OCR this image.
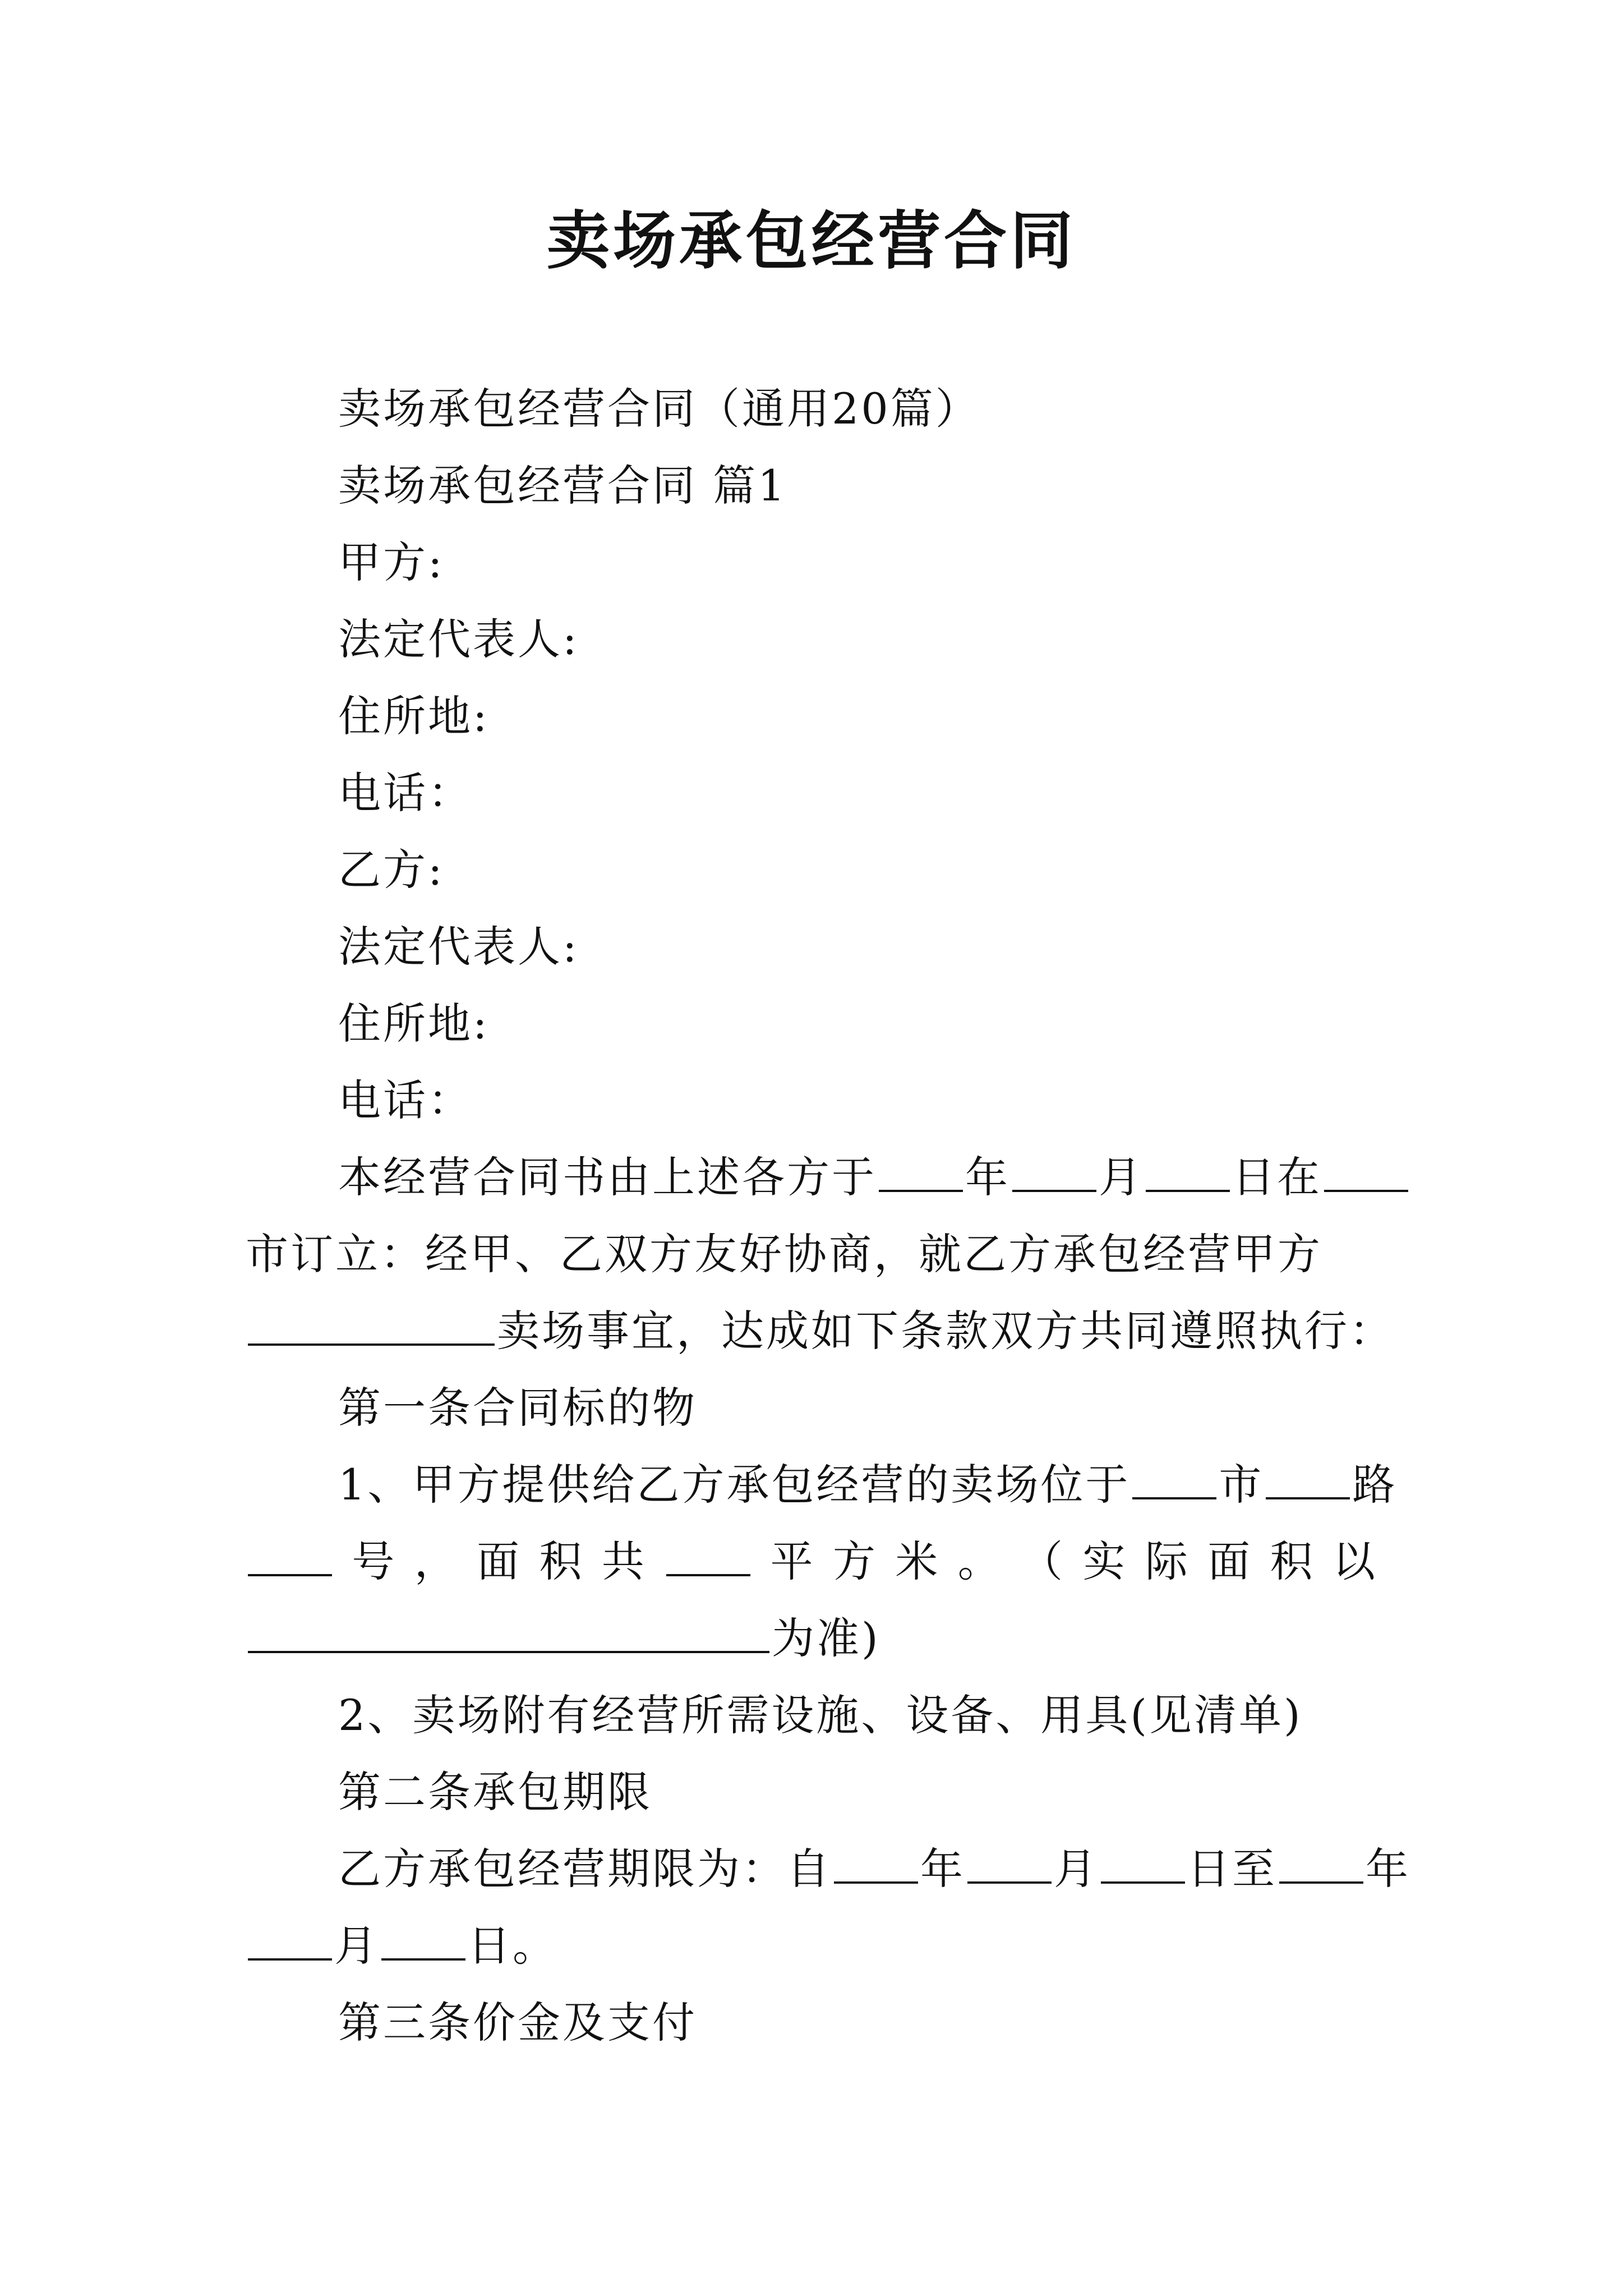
卖场承包经营合同
卖场承包经营合同（通用20篇）
卖场承包经营合同 篇1
甲方:
法定代表人:
住所地:
电话：
乙方:
法定代表人:
住所地:
电话：
本经营合同书由上述各方于 年 月 日在
市订立：经甲、乙双方友好协商，就乙方承包经营甲方
卖场事宜，达成如下条款双方共同遵照执行：
第一条合同标的物
1、甲方提供给乙方承包经营的卖场位于 市 路
号 ， 面 积 共	平 方 米 。 （ 实 际 面 积 以
为准)
2、卖场附有经营所需设施、设备、用具(见清单)
第二条承包期限
乙方承包经营期限为：自 年 月 日至 年
月 日。
第三条价金及支付
